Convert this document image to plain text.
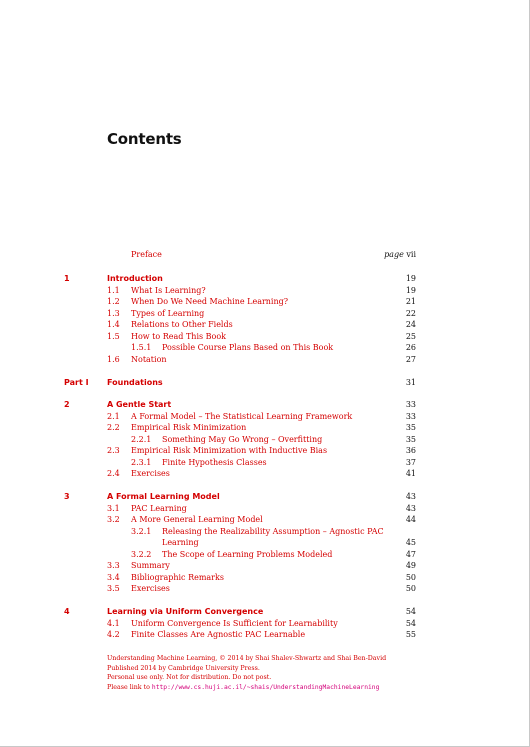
Contents
Preface	page vii
1	Introduction	19
1.1 What Is Learning?	19
1.2 When Do We Need Machine Learning?	21
1.3 Types of Learning	22
1.4 Relations to Other Fields	24
1.5 How to Read This Book	25
1.5.1 Possible Course Plans Based on This Book	26
1.6 Notation	27
Part I Foundations	31
2	A Gentle Start	33
2.1 A Formal Model – The Statistical Learning Framework	33
2.2 Empirical Risk Minimization	35
2.2.1 Something May Go Wrong – Overfitting	35
2.3 Empirical Risk Minimization with Inductive Bias	36
2.3.1 Finite Hypothesis Classes	37
2.4 Exercises	41
3	A Formal Learning Model	43
3.1 PAC Learning	43
3.2 A More General Learning Model	44
3.2.1 Releasing the Realizability Assumption – Agnostic PAC
Learning	45
3.2.2 The Scope of Learning Problems Modeled	47
3.3 Summary	49
3.4 Bibliographic Remarks	50
3.5 Exercises	50
4	Learning via Uniform Convergence	54
4.1 Uniform Convergence Is Sufficient for Learnability	54
4.2 Finite Classes Are Agnostic PAC Learnable	55
Understanding Machine Learning, © 2014 by Shai Shalev-Shwartz and Shai Ben-David
Published 2014 by Cambridge University Press.
Personal use only. Not for distribution. Do not post.
Please link to http://www.cs.huji.ac.il/~shais/UnderstandingMachineLearning
